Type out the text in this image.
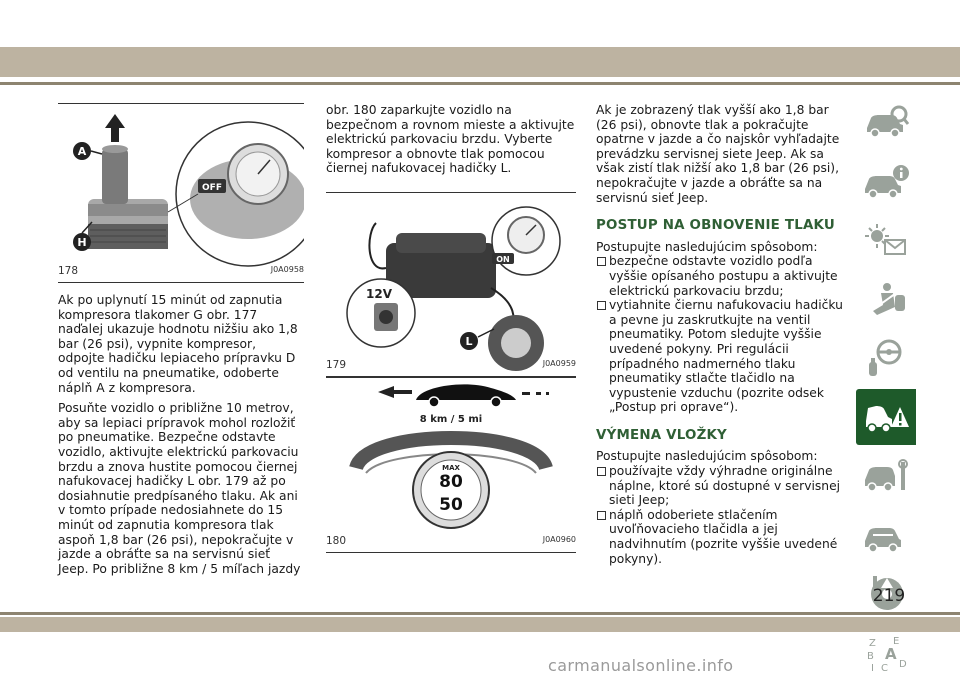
OFF
A
H
178	J0A0958

Ak po uplynutí 15 minút od zapnutia kompresora tlakomer G obr. 177 naďalej ukazuje hodnotu nižšiu ako 1,8 bar (26 psi), vypnite kompresor, odpojte hadičku lepiaceho prípravku D od ventilu na pneumatike, odoberte náplň A z kompresora.

Posuňte vozidlo o približne 10 metrov, aby sa lepiaci prípravok mohol rozložiť po pneumatike. Bezpečne odstavte vozidlo, aktivujte elektrickú parkovaciu brzdu a znova hustite pomocou čiernej nafukovacej hadičky L obr. 179 až po dosiahnutie predpísaného tlaku. Ak ani v tomto prípade nedosiahnete do 15 minút od zapnutia kompresora tlak aspoň 1,8 bar (26 psi), nepokračujte v jazde a obráťte sa na servisnú sieť Jeep. Po približne 8 km / 5 míľach jazdy

obr. 180 zaparkujte vozidlo na bezpečnom a rovnom mieste a aktivujte elektrickú parkovaciu brzdu. Vyberte kompresor a obnovte tlak pomocou čiernej nafukovacej hadičky L.

ON
12V
L
179	J0A0959
8 km / 5 mi
MAX
80
50
180	J0A0960

Ak je zobrazený tlak vyšší ako 1,8 bar (26 psi), obnovte tlak a pokračujte opatrne v jazde a čo najskôr vyhľadajte prevádzku servisnej siete Jeep. Ak sa však zistí tlak nižší ako 1,8 bar (26 psi), nepokračujte v jazde a obráťte sa na servisnú sieť Jeep.

POSTUP NA OBNOVENIE TLAKU

Postupujte nasledujúcim spôsobom:

bezpečne odstavte vozidlo podľa vyššie opísaného postupu a aktivujte elektrickú parkovaciu brzdu;
vytiahnite čiernu nafukovaciu hadičku a pevne ju zaskrutkujte na ventil pneumatiky. Potom sledujte vyššie uvedené pokyny. Pri regulácii prípadného nadmerného tlaku pneumatiky stlačte tlačidlo na vypustenie vzduchu (pozrite odsek „Postup pri oprave“).
VÝMENA VLOŽKY

Postupujte nasledujúcim spôsobom:

používajte vždy výhradne originálne náplne, ktoré sú dostupné v servisnej sieti Jeep;
náplň odoberiete stlačením uvoľňovacieho tlačidla a jej nadvihnutím (pozrite vyššie uvedené pokyny).
Z E
B A
I C D
219
carmanualsonline.info
